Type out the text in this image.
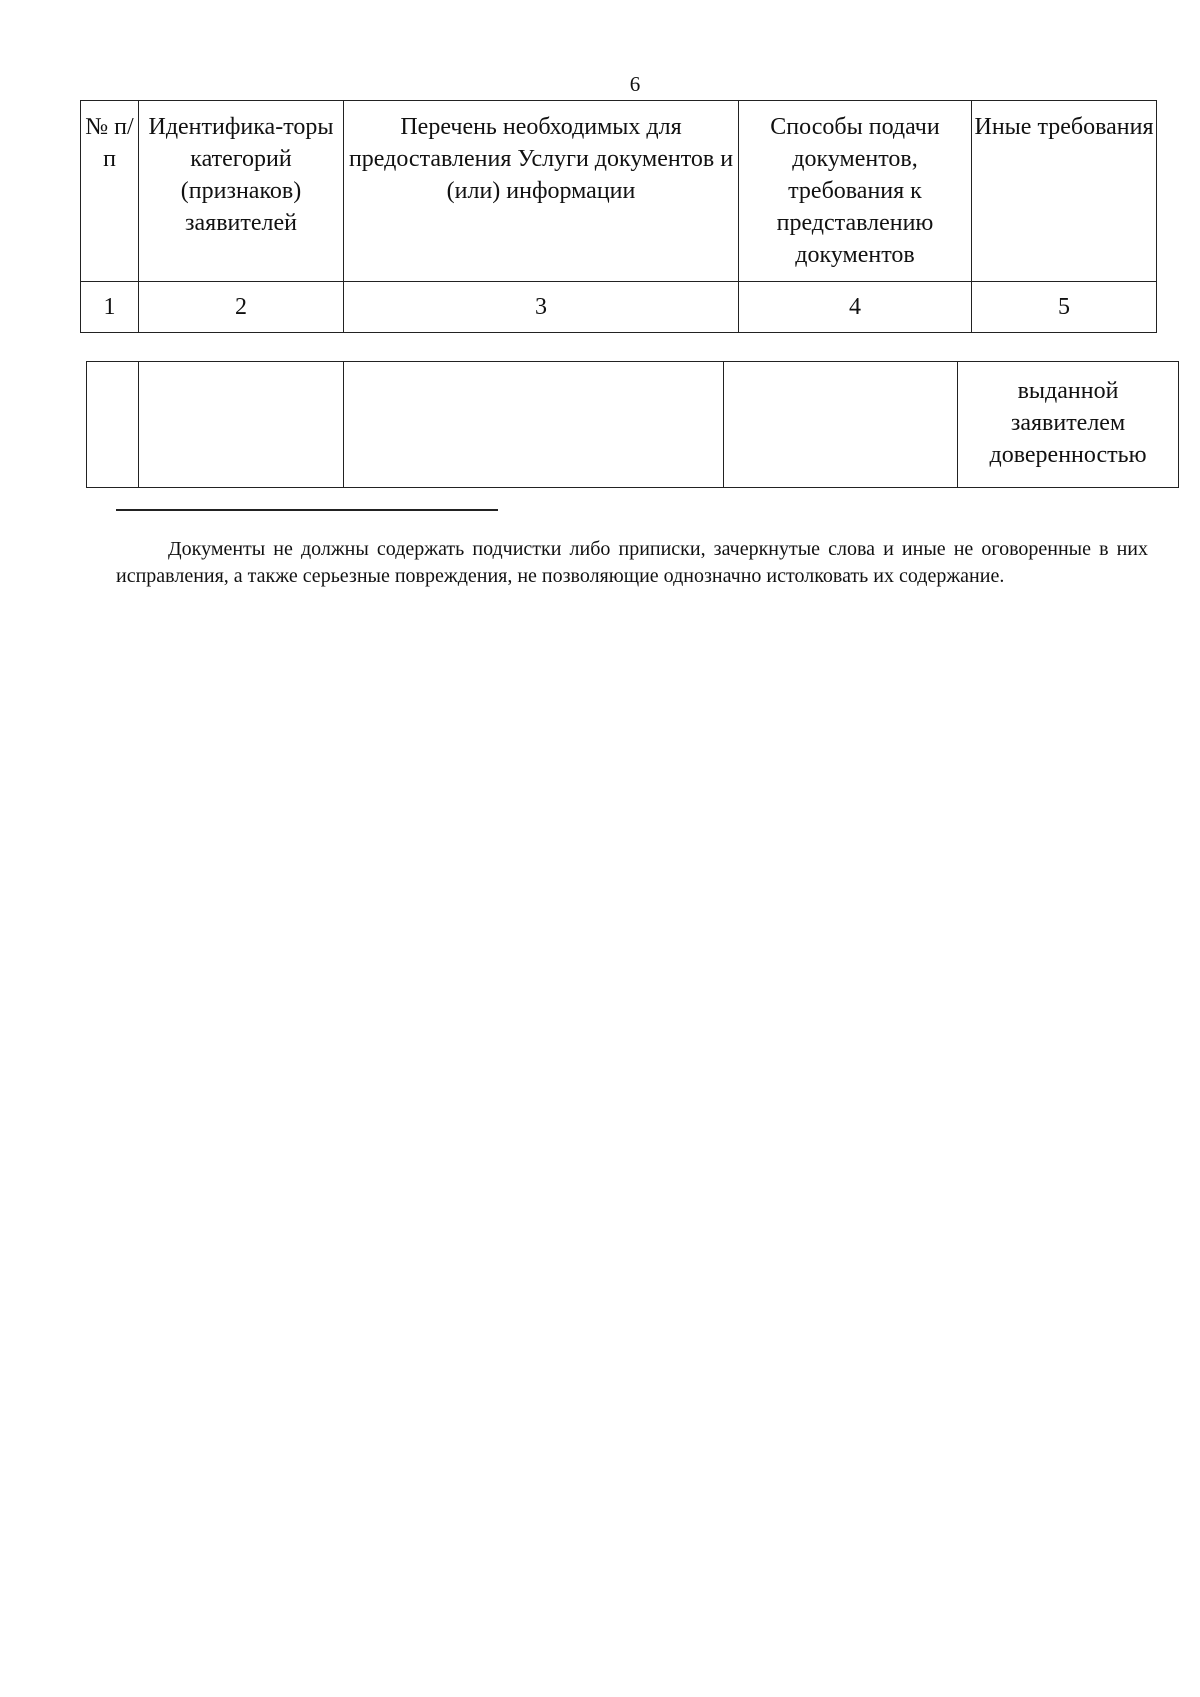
6
№ п/п	Идентифика-торы категорий (признаков) заявителей	Перечень необходимых для предоставления Услуги документов и (или) информации	Способы подачи документов, требования к представлению документов	Иные требования
1	2	3	4	5
				выданной заявителем доверенностью

Документы не должны содержать подчистки либо приписки, зачеркнутые слова и иные не оговоренные в них исправления, а также серьезные повреждения, не позволяющие однозначно истолковать их содержание.
